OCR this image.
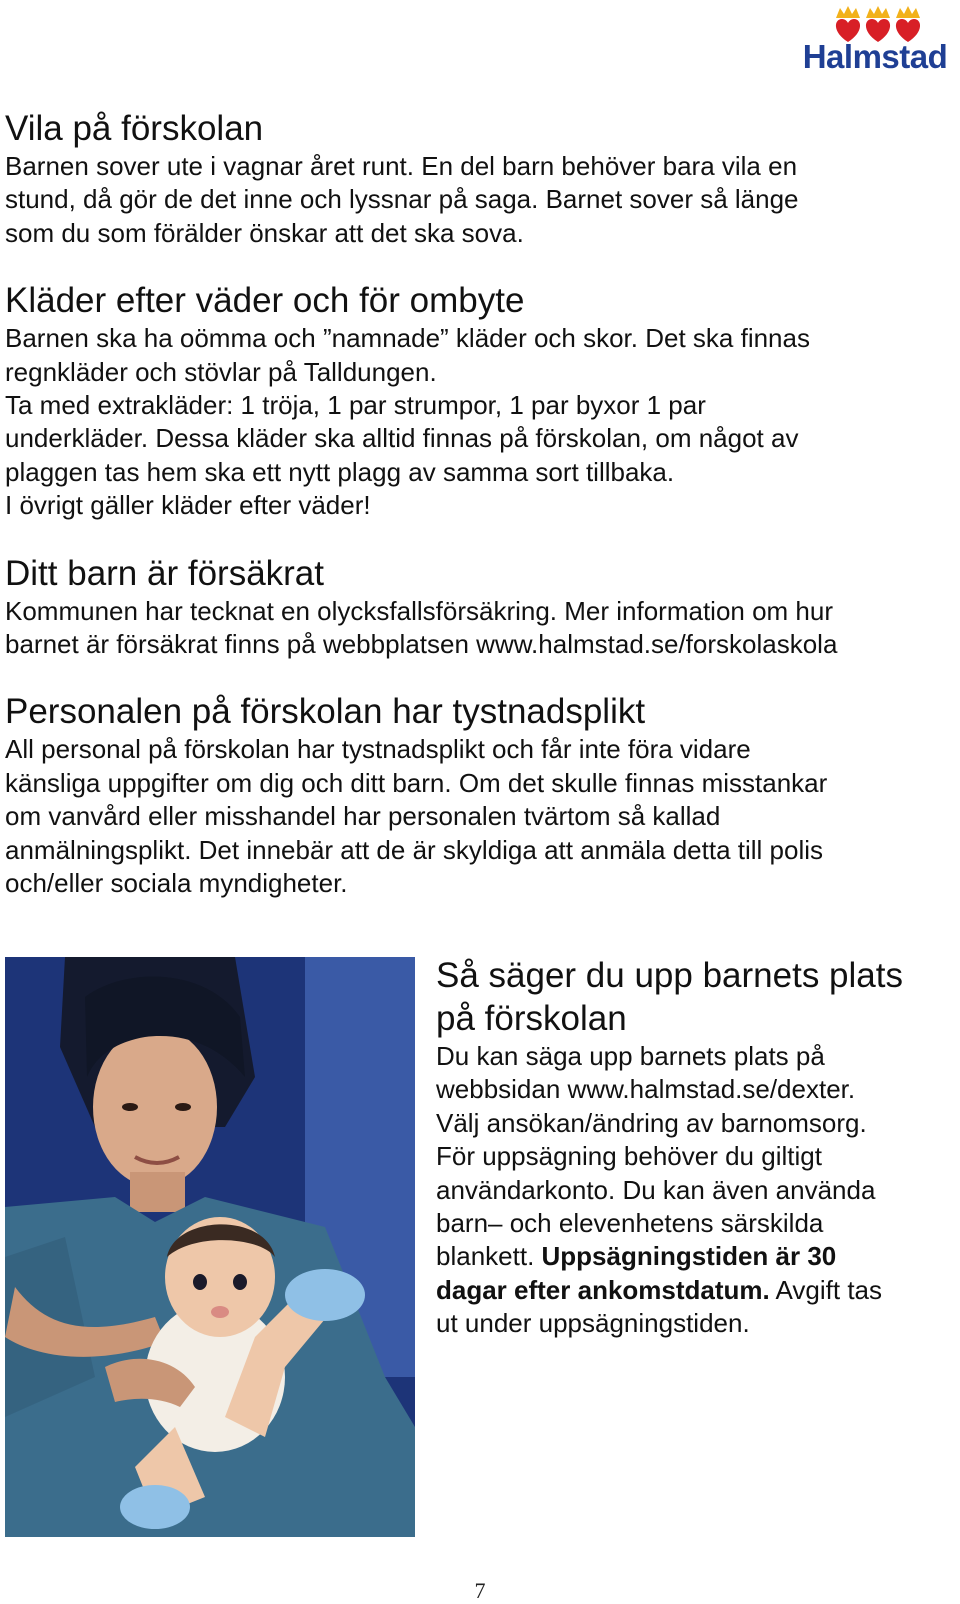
Halmstad
Vila på förskolan

Barnen sover ute i vagnar året runt. En del barn behöver bara vila en

stund, då gör de det inne och lyssnar på saga. Barnet sover så länge

som du som förälder önskar att det ska sova.

Kläder efter väder och för ombyte

Barnen ska ha oömma och ”namnade” kläder och skor. Det ska finnas

regnkläder och stövlar på Talldungen.

Ta med extrakläder: 1 tröja, 1 par strumpor, 1 par byxor 1 par

underkläder. Dessa kläder ska alltid finnas på förskolan, om något av

plaggen tas hem ska ett nytt plagg av samma sort tillbaka.

I övrigt gäller kläder efter väder!

Ditt barn är försäkrat

Kommunen har tecknat en olycksfallsförsäkring. Mer information om hur

barnet är försäkrat finns på webbplatsen www.halmstad.se/forskolaskola

Personalen på förskolan har tystnadsplikt

All personal på förskolan har tystnadsplikt och får inte föra vidare

känsliga uppgifter om dig och ditt barn. Om det skulle finnas misstankar

om vanvård eller misshandel har personalen tvärtom så kallad

anmälningsplikt. Det innebär att de är skyldiga att anmäla detta till polis

och/eller sociala myndigheter.

Så säger du upp barnets plats
på förskolan

Du kan säga upp barnets plats på

webbsidan www.halmstad.se/dexter.

Välj ansökan/ändring av barnomsorg.

För uppsägning behöver du giltigt

användarkonto. Du kan även använda

barn– och elevenhetens särskilda

blankett. Uppsägningstiden är 30

dagar efter ankomstdatum. Avgift tas

ut under uppsägningstiden.

7
